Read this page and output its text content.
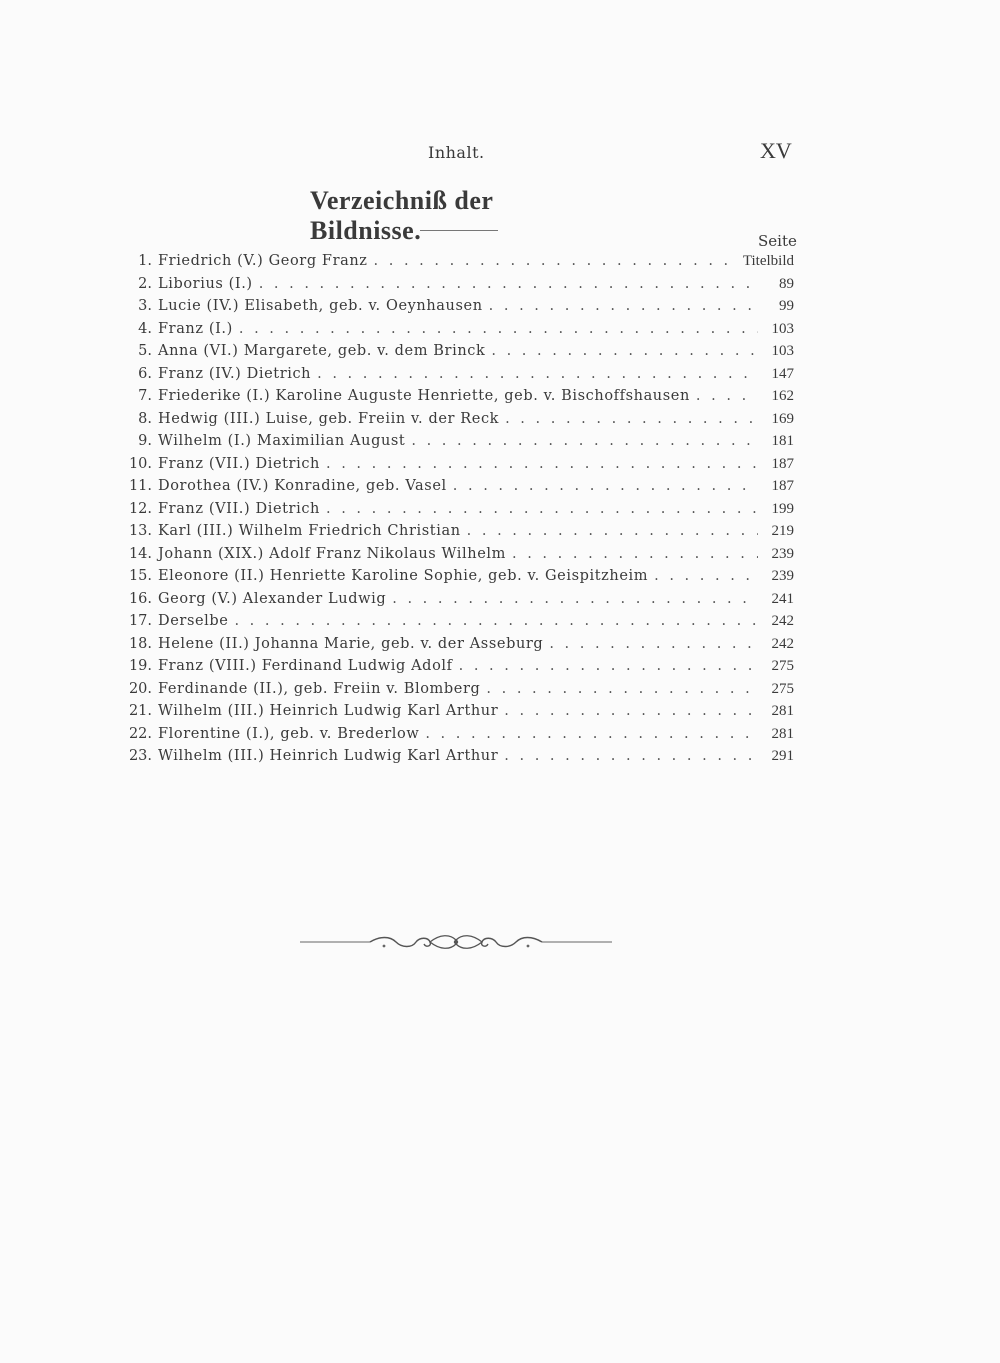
Inhalt.	XV
Verzeichniß der Bildnisse.	Seite
1. Friedrich (V.) Georg Franz . . .	Titelbild
2. Liborius (I.) . . .	89
3. Lucie (IV.) Elisabeth, geb. v. Oeynhausen . . .	99
4. Franz (I.) . . .	103
5. Anna (VI.) Margarete, geb. v. dem Brinck . . .	103
6. Franz (IV.) Dietrich . . .	147
7. Friederike (I.) Karoline Auguste Henriette, geb. v. Bischoffshausen . . .	162
8. Hedwig (III.) Luise, geb. Freiin v. der Reck . . .	169
9. Wilhelm (I.) Maximilian August . . .	181
10. Franz (VII.) Dietrich . . .	187
11. Dorothea (IV.) Konradine, geb. Vasel . . .	187
12. Franz (VII.) Dietrich . . .	199
13. Karl (III.) Wilhelm Friedrich Christian . . .	219
14. Johann (XIX.) Adolf Franz Nikolaus Wilhelm . . .	239
15. Eleonore (II.) Henriette Karoline Sophie, geb. v. Geispitzheim . . .	239
16. Georg (V.) Alexander Ludwig . . .	241
17. Derselbe . . .	242
18. Helene (II.) Johanna Marie, geb. v. der Asseburg . . .	242
19. Franz (VIII.) Ferdinand Ludwig Adolf . . .	275
20. Ferdinande (II.), geb. Freiin v. Blomberg . . .	275
21. Wilhelm (III.) Heinrich Ludwig Karl Arthur . . .	281
22. Florentine (I.), geb. v. Brederlow . . .	281
23. Wilhelm (III.) Heinrich Ludwig Karl Arthur . . .	291
